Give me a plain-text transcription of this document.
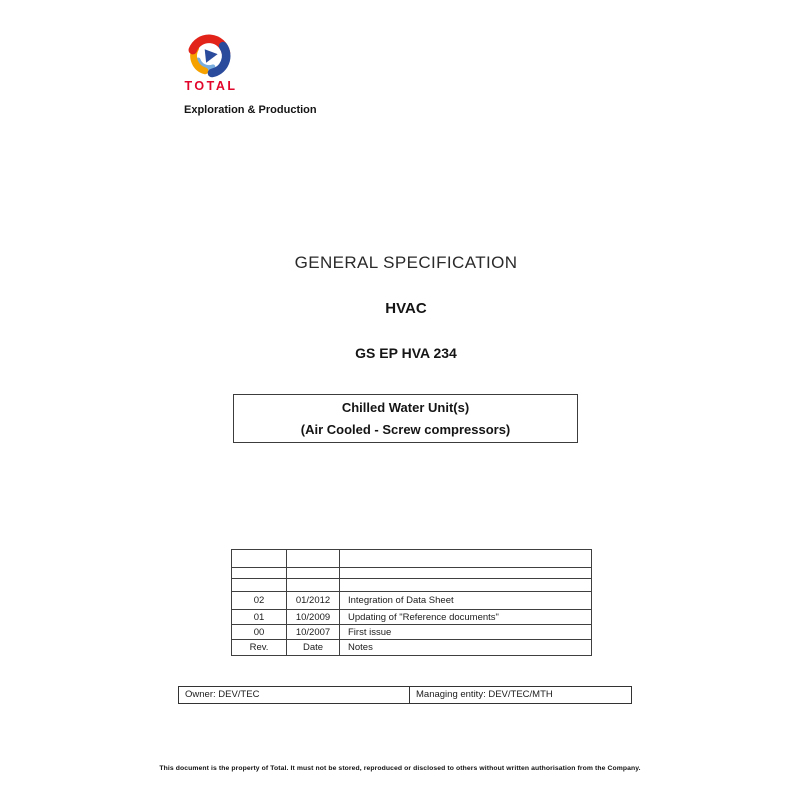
TOTAL
Exploration & Production
GENERAL SPECIFICATION
HVAC
GS EP HVA 234
Chilled Water Unit(s)
(Air Cooled - Screw compressors)

02	01/2012	Integration of Data Sheet
01	10/2009	Updating of "Reference documents"
00	10/2007	First issue
Rev.	Date	Notes
Owner: DEV/TEC	Managing entity: DEV/TEC/MTH
This document is the property of Total. It must not be stored, reproduced or disclosed to others without written authorisation from the Company.
